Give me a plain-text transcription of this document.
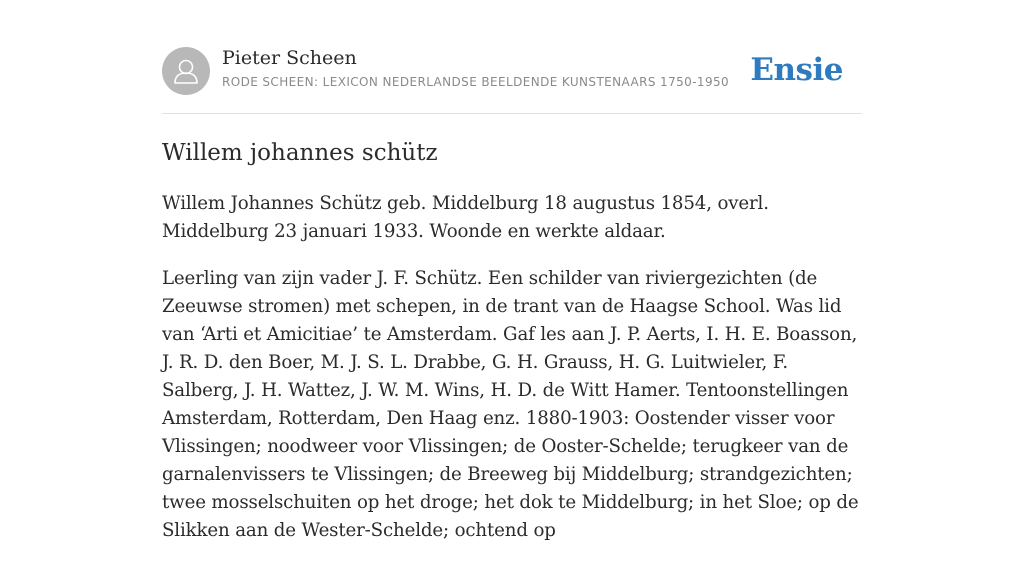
Pieter Scheen
RODE SCHEEN: LEXICON NEDERLANDSE BEELDENDE KUNSTENAARS 1750-1950 Ensie
Willem johannes schütz

Willem Johannes Schütz geb. Middelburg 18 augustus 1854, overl. Middelburg 23 januari 1933. Woonde en werkte aldaar.

Leerling van zijn vader J. F. Schütz. Een schilder van riviergezichten (de Zeeuwse stromen) met schepen, in de trant van de Haagse School. Was lid van ‘Arti et Amicitiae’ te Amsterdam. Gaf les aan J. P. Aerts, I. H. E. Boasson, J. R. D. den Boer, M. J. S. L. Drabbe, G. H. Grauss, H. G. Luitwieler, F. Salberg, J. H. Wattez, J. W. M. Wins, H. D. de Witt Hamer. Tentoonstellingen Amsterdam, Rotterdam, Den Haag enz. 1880-1903: Oostender visser voor Vlissingen; noodweer voor Vlissingen; de Ooster-Schelde; terugkeer van de garnalenvissers te Vlissingen; de Breeweg bij Middelburg; strandgezichten; twee mosselschuiten op het droge; het dok te Middelburg; in het Sloe; op de Slikken aan de Wester-Schelde; ochtend op
